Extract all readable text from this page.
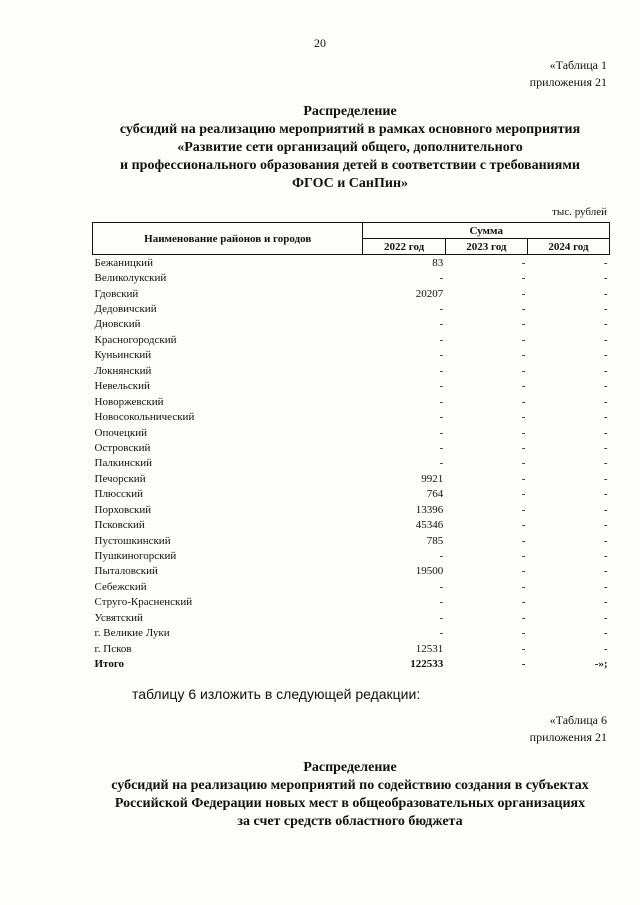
20
«Таблица 1
приложения 21
Распределение
субсидий на реализацию мероприятий в рамках основного мероприятия
«Развитие сети организаций общего, дополнительного
и профессионального образования детей в соответствии с требованиями
ФГОС и СанПин»
тыс. рублей
Наименование районов и городов	Сумма		
	2022 год	2023 год	2024 год
Бежаницкий	83	-	-
Великолукский	-	-	-
Гдовский	20207	-	-
Дедовичский	-	-	-
Дновский	-	-	-
Красногородский	-	-	-
Куньинский	-	-	-
Локнянский	-	-	-
Невельский	-	-	-
Новоржевский	-	-	-
Новосокольнический	-	-	-
Опочецкий	-	-	-
Островский	-	-	-
Палкинский	-	-	-
Печорский	9921	-	-
Плюсский	764	-	-
Порховский	13396	-	-
Псковский	45346	-	-
Пустошкинский	785	-	-
Пушкиногорский	-	-	-
Пыталовский	19500	-	-
Себежский	-	-	-
Струго-Красненский	-	-	-
Усвятский	-	-	-
г. Великие Луки	-	-	-
г. Псков	12531	-	-
Итого	122533	-	-»;
таблицу 6 изложить в следующей редакции:
«Таблица 6
приложения 21
Распределение
субсидий на реализацию мероприятий по содействию создания в субъектах
Российской Федерации новых мест в общеобразовательных организациях
за счет средств областного бюджета
